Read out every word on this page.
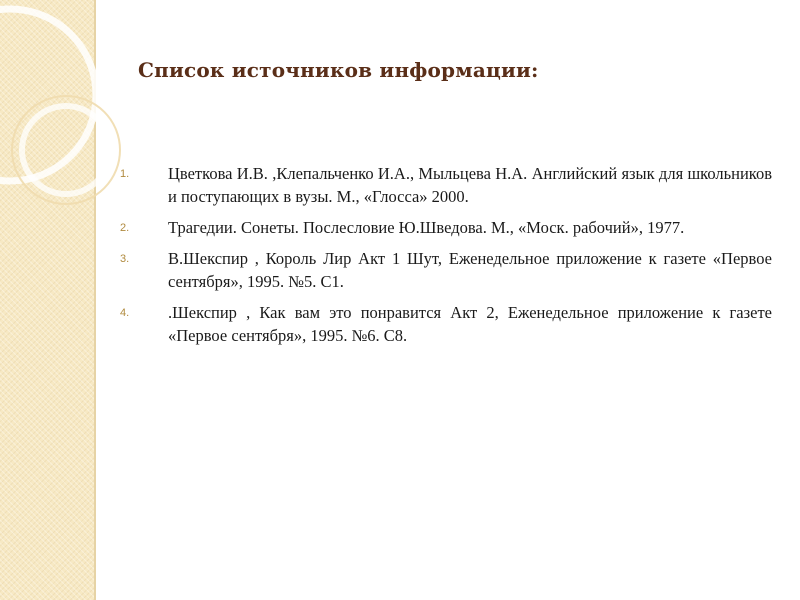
Список источников информации:
1.	Цветкова И.В. ,Клепальченко И.А., Мыльцева Н.А. Английский язык для школьников и поступающих в вузы. М., «Глосса» 2000.
2.	Трагедии. Сонеты. Послесловие Ю.Шведова. М., «Моск. рабочий», 1977.
3.	В.Шекспир , Король Лир Акт 1 Шут, Еженедельное приложение к газете «Первое сентября», 1995. №5. С1.
4.	.Шекспир , Как вам это понравится Акт 2, Еженедельное приложение к газете «Первое сентября», 1995. №6. С8.
